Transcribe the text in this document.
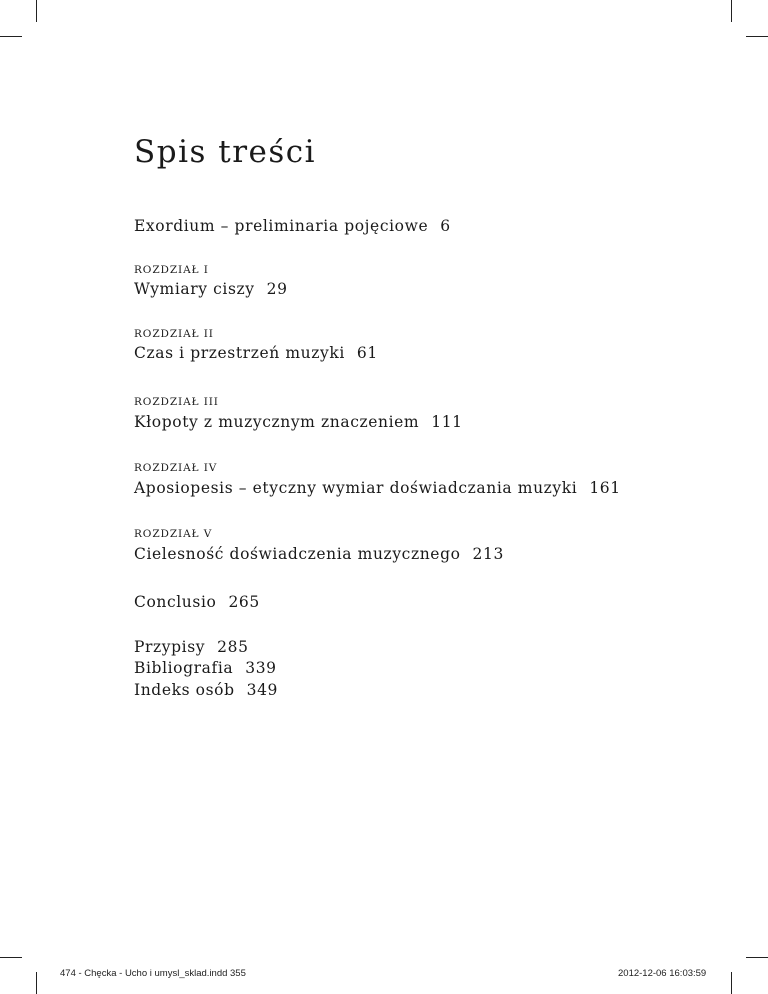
Spis treści
Exordium – preliminaria pojęciowe 6
ROZDZIAŁ I
Wymiary ciszy 29
ROZDZIAŁ II
Czas i przestrzeń muzyki 61
ROZDZIAŁ III
Kłopoty z muzycznym znaczeniem 111
ROZDZIAŁ IV
Aposiopesis – etyczny wymiar doświadczania muzyki 161
ROZDZIAŁ V
Cielesność doświadczenia muzycznego 213
Conclusio 265
Przypisy 285
Bibliografia 339
Indeks osób 349
474 - Chęcka - Ucho i umysl_sklad.indd 355	2012-12-06 16:03:59
